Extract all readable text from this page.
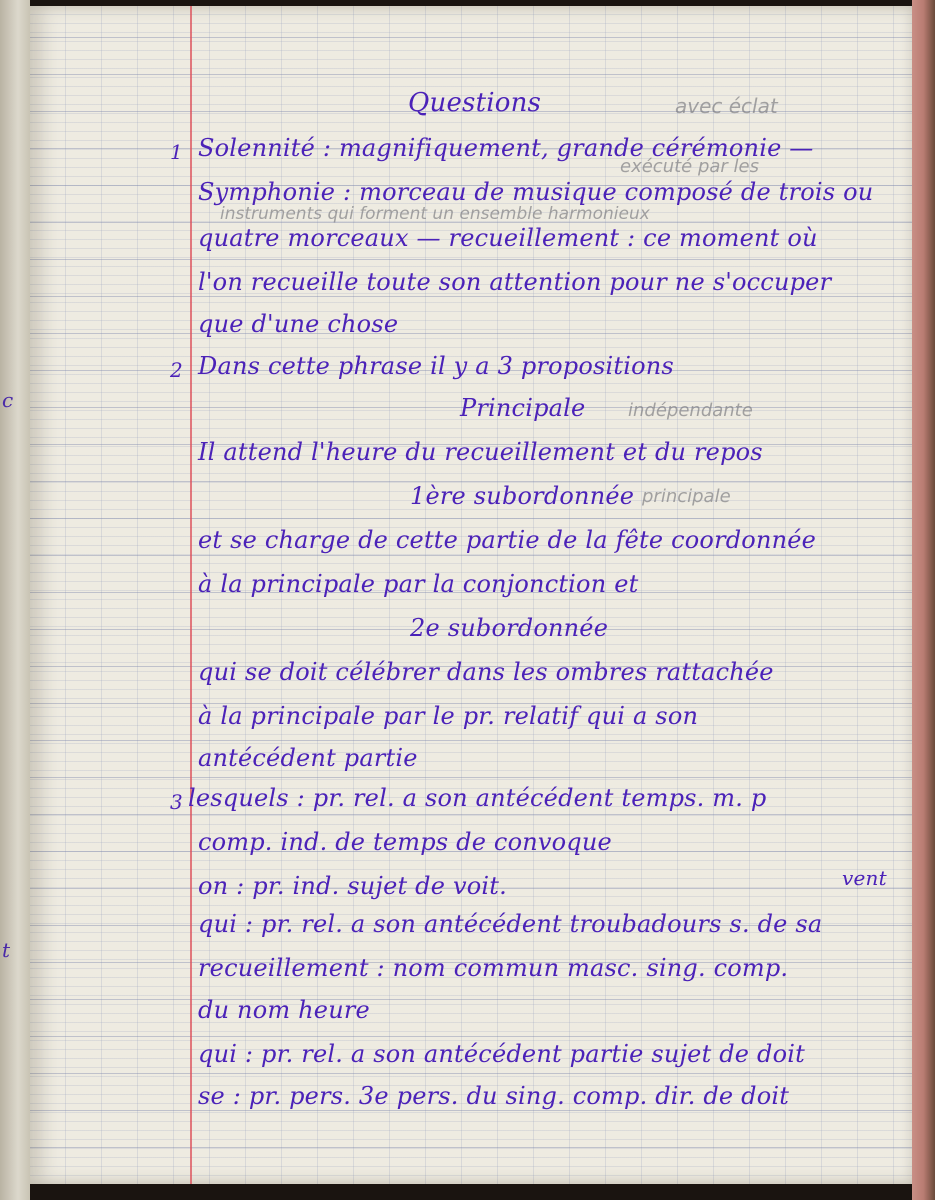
c
t

Questions	avec éclat

1 Solennité : magnifiquement, grande cérémonie —

exécuté par les

Symphonie : morceau de musique composé de trois ou

instruments qui forment un ensemble harmonieux

quatre morceaux — recueillement : ce moment où

l'on recueille toute son attention pour ne s'occuper

que d'une chose

2 Dans cette phrase il y a 3 propositions

Principale indépendante

Il attend l'heure du recueillement et du repos

1ère subordonnée principale

et se charge de cette partie de la fête coordonnée

à la principale par la conjonction et

2e subordonnée

qui se doit célébrer dans les ombres rattachée

à la principale par le pr. relatif qui a son

antécédent partie

3 lesquels : pr. rel. a son antécédent temps. m. p

comp. ind. de temps de convoque

on : pr. ind. sujet de voit.	vent

qui : pr. rel. a son antécédent troubadours s. de sa

recueillement : nom commun masc. sing. comp.

du nom heure

qui : pr. rel. a son antécédent partie sujet de doit

se : pr. pers. 3e pers. du sing. comp. dir. de doit
